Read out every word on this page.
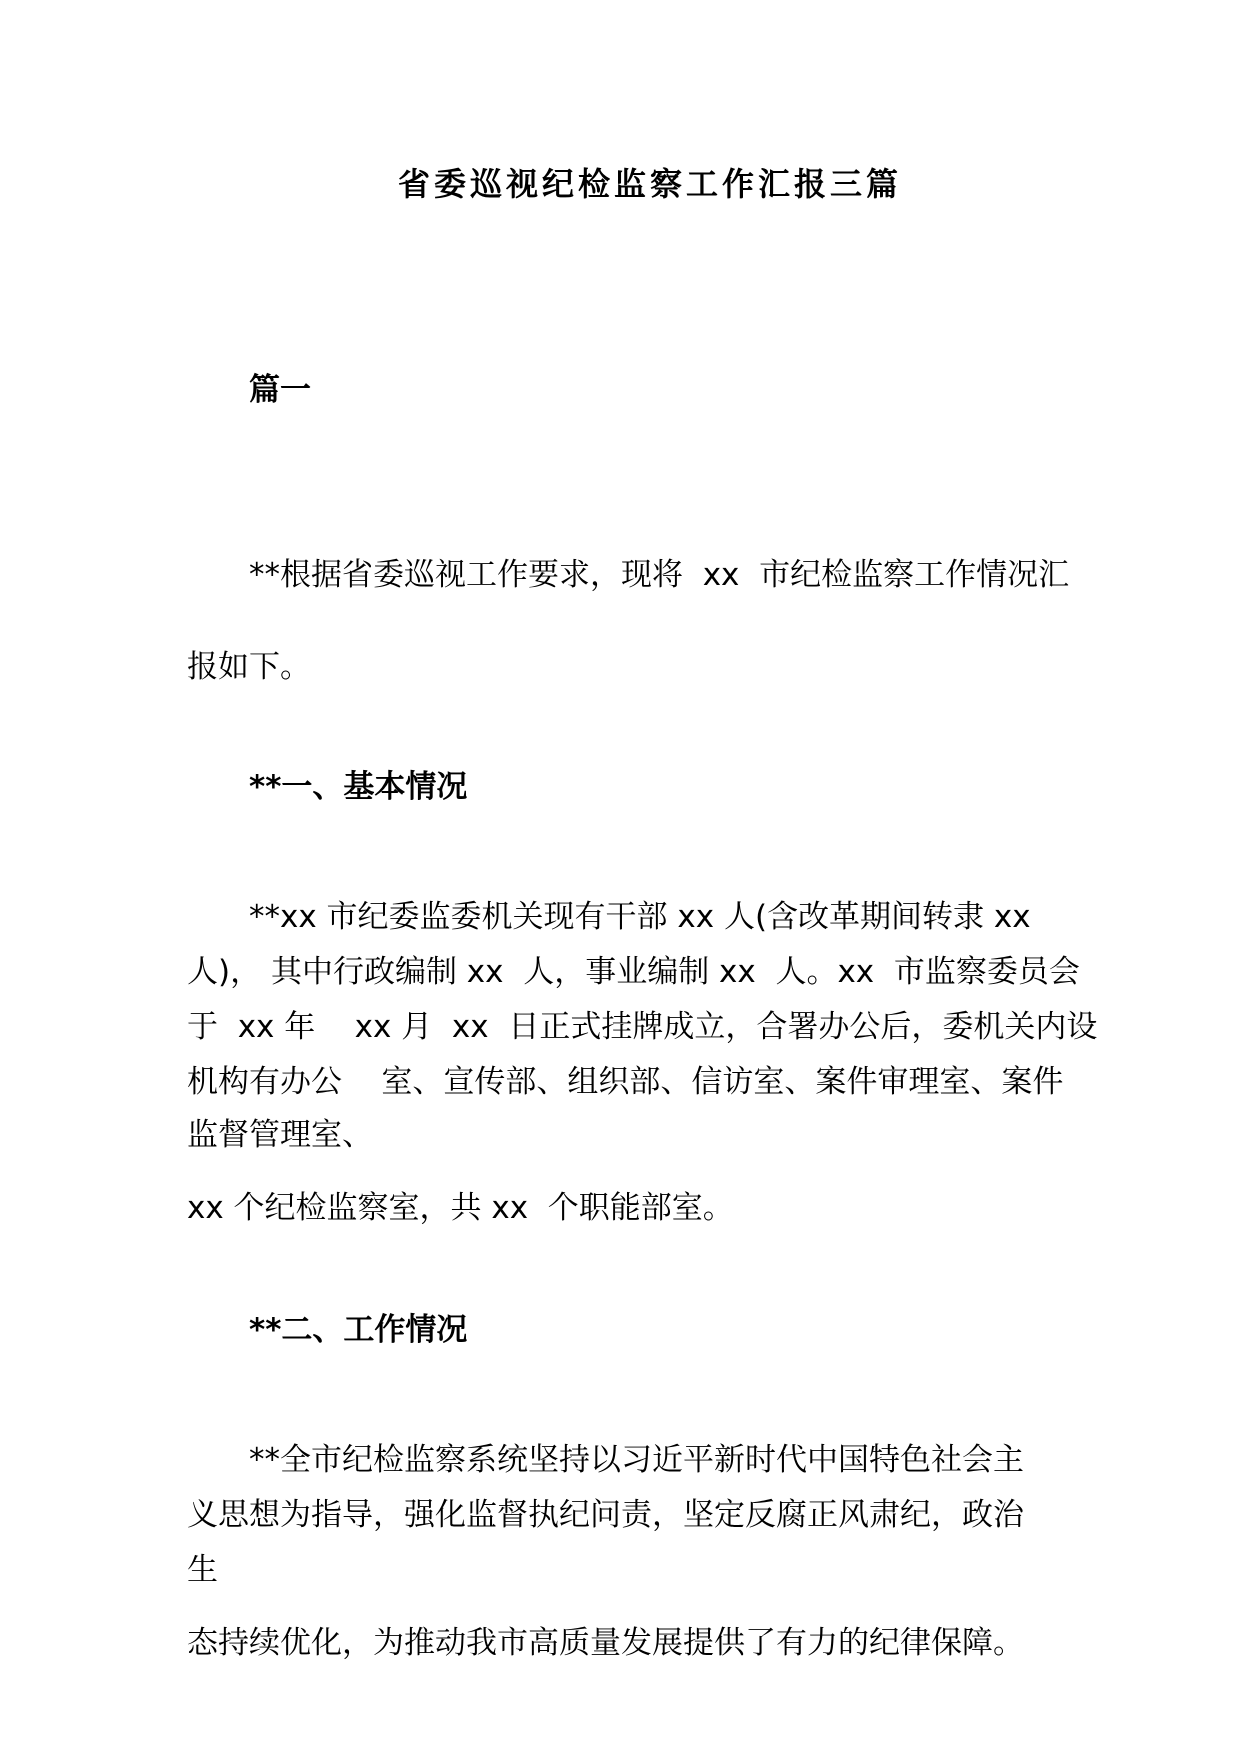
省委巡视纪检监察工作汇报三篇
篇一
**根据省委巡视工作要求，现将  xx  市纪检监察工作情况汇
报如下。
**一、基本情况
**xx 市纪委监委机关现有干部 xx 人(含改革期间转隶 xx
人)， 其中行政编制 xx  人，事业编制 xx  人。xx  市监察委员会
于  xx 年    xx 月  xx  日正式挂牌成立，合署办公后，委机关内设
机构有办公    室、宣传部、组织部、信访室、案件审理室、案件
监督管理室、
xx 个纪检监察室，共 xx  个职能部室。
**二、工作情况
**全市纪检监察系统坚持以习近平新时代中国特色社会主
义思想为指导，强化监督执纪问责，坚定反腐正风肃纪，政治
生
态持续优化，为推动我市高质量发展提供了有力的纪律保障。
